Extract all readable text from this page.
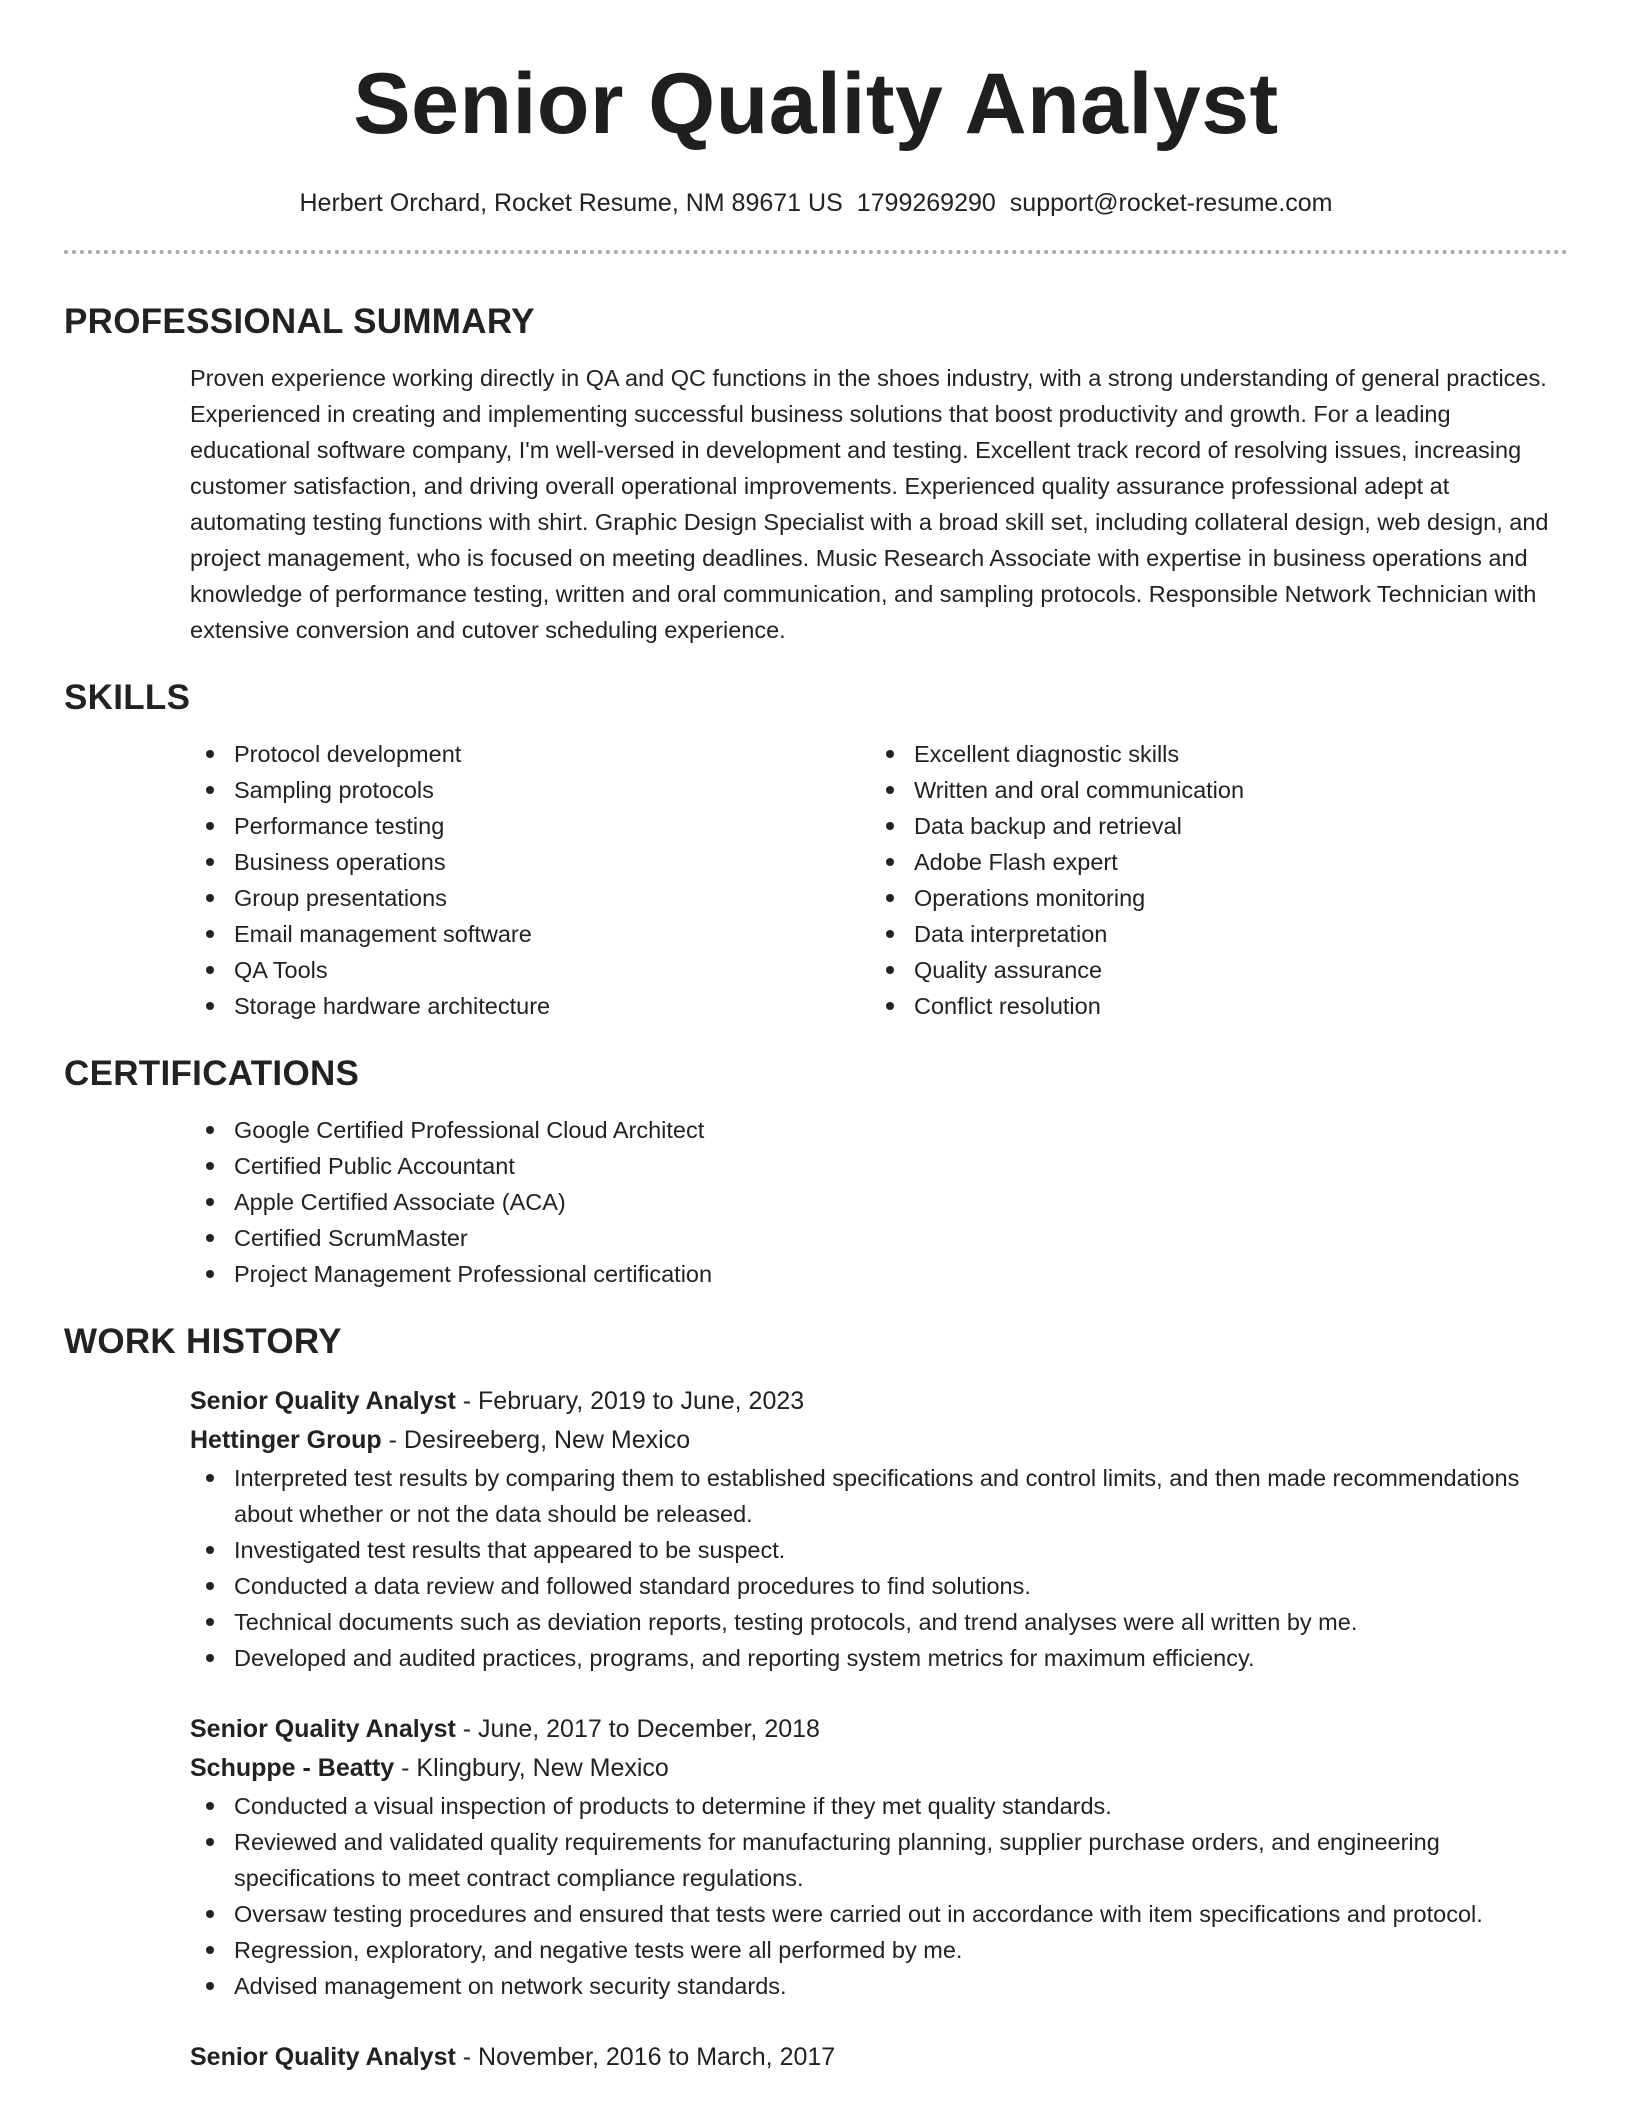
Senior Quality Analyst
Herbert Orchard, Rocket Resume, NM 89671 US 1799269290 support@rocket-resume.com
PROFESSIONAL SUMMARY

Proven experience working directly in QA and QC functions in the shoes industry, with a strong understanding of general practices. Experienced in creating and implementing successful business solutions that boost productivity and growth. For a leading educational software company, I'm well-versed in development and testing. Excellent track record of resolving issues, increasing customer satisfaction, and driving overall operational improvements. Experienced quality assurance professional adept at automating testing functions with shirt. Graphic Design Specialist with a broad skill set, including collateral design, web design, and project management, who is focused on meeting deadlines. Music Research Associate with expertise in business operations and knowledge of performance testing, written and oral communication, and sampling protocols. Responsible Network Technician with extensive conversion and cutover scheduling experience.

SKILLS
Protocol development
Sampling protocols
Performance testing
Business operations
Group presentations
Email management software
QA Tools
Storage hardware architecture
Excellent diagnostic skills
Written and oral communication
Data backup and retrieval
Adobe Flash expert
Operations monitoring
Data interpretation
Quality assurance
Conflict resolution
CERTIFICATIONS
Google Certified Professional Cloud Architect
Certified Public Accountant
Apple Certified Associate (ACA)
Certified ScrumMaster
Project Management Professional certification
WORK HISTORY
Senior Quality Analyst - February, 2019 to June, 2023
Hettinger Group - Desireeberg, New Mexico
Interpreted test results by comparing them to established specifications and control limits, and then made recommendations about whether or not the data should be released.
Investigated test results that appeared to be suspect.
Conducted a data review and followed standard procedures to find solutions.
Technical documents such as deviation reports, testing protocols, and trend analyses were all written by me.
Developed and audited practices, programs, and reporting system metrics for maximum efficiency.
Senior Quality Analyst - June, 2017 to December, 2018
Schuppe - Beatty - Klingbury, New Mexico
Conducted a visual inspection of products to determine if they met quality standards.
Reviewed and validated quality requirements for manufacturing planning, supplier purchase orders, and engineering specifications to meet contract compliance regulations.
Oversaw testing procedures and ensured that tests were carried out in accordance with item specifications and protocol.
Regression, exploratory, and negative tests were all performed by me.
Advised management on network security standards.
Senior Quality Analyst - November, 2016 to March, 2017
